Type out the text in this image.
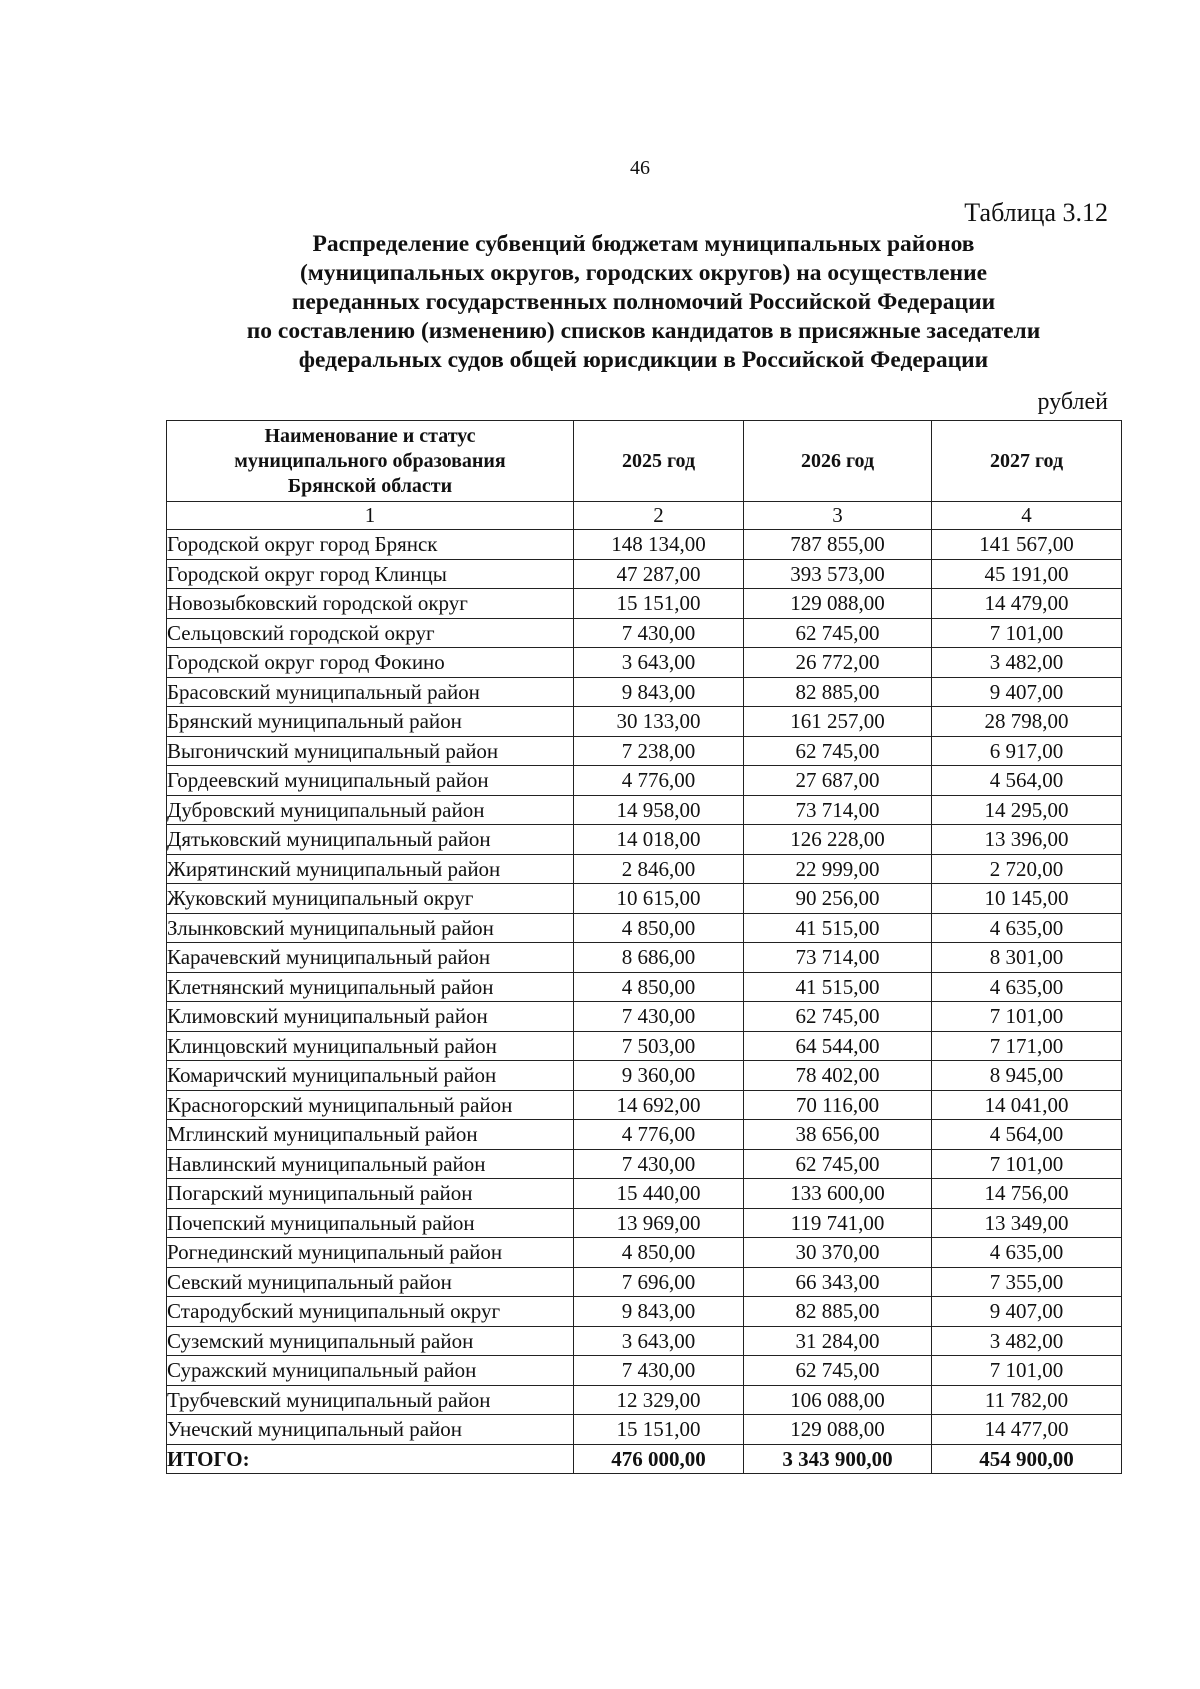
46
Таблица 3.12
Распределение субвенций бюджетам муниципальных районов
(муниципальных округов, городских округов) на осуществление
переданных государственных полномочий Российской Федерации
по составлению (изменению) списков кандидатов в присяжные заседатели
федеральных судов общей юрисдикции в Российской Федерации
рублей
Наименование и статус
муниципального образования
Брянской области	2025 год	2026 год	2027 год
1	2	3	4
Городской округ город Брянск	148 134,00	787 855,00	141 567,00
Городской округ город Клинцы	47 287,00	393 573,00	45 191,00
Новозыбковский городской округ	15 151,00	129 088,00	14 479,00
Сельцовский городской округ	7 430,00	62 745,00	7 101,00
Городской округ город Фокино	3 643,00	26 772,00	3 482,00
Брасовский муниципальный район	9 843,00	82 885,00	9 407,00
Брянский муниципальный район	30 133,00	161 257,00	28 798,00
Выгоничский муниципальный район	7 238,00	62 745,00	6 917,00
Гордеевский муниципальный район	4 776,00	27 687,00	4 564,00
Дубровский муниципальный район	14 958,00	73 714,00	14 295,00
Дятьковский муниципальный район	14 018,00	126 228,00	13 396,00
Жирятинский муниципальный район	2 846,00	22 999,00	2 720,00
Жуковский муниципальный округ	10 615,00	90 256,00	10 145,00
Злынковский муниципальный район	4 850,00	41 515,00	4 635,00
Карачевский муниципальный район	8 686,00	73 714,00	8 301,00
Клетнянский муниципальный район	4 850,00	41 515,00	4 635,00
Климовский муниципальный район	7 430,00	62 745,00	7 101,00
Клинцовский муниципальный район	7 503,00	64 544,00	7 171,00
Комаричский муниципальный район	9 360,00	78 402,00	8 945,00
Красногорский муниципальный район	14 692,00	70 116,00	14 041,00
Мглинский муниципальный район	4 776,00	38 656,00	4 564,00
Навлинский муниципальный район	7 430,00	62 745,00	7 101,00
Погарский муниципальный район	15 440,00	133 600,00	14 756,00
Почепский муниципальный район	13 969,00	119 741,00	13 349,00
Рогнединский муниципальный район	4 850,00	30 370,00	4 635,00
Севский муниципальный район	7 696,00	66 343,00	7 355,00
Стародубский муниципальный округ	9 843,00	82 885,00	9 407,00
Суземский муниципальный район	3 643,00	31 284,00	3 482,00
Суражский муниципальный район	7 430,00	62 745,00	7 101,00
Трубчевский муниципальный район	12 329,00	106 088,00	11 782,00
Унечский муниципальный район	15 151,00	129 088,00	14 477,00
ИТОГО:	476 000,00	3 343 900,00	454 900,00
